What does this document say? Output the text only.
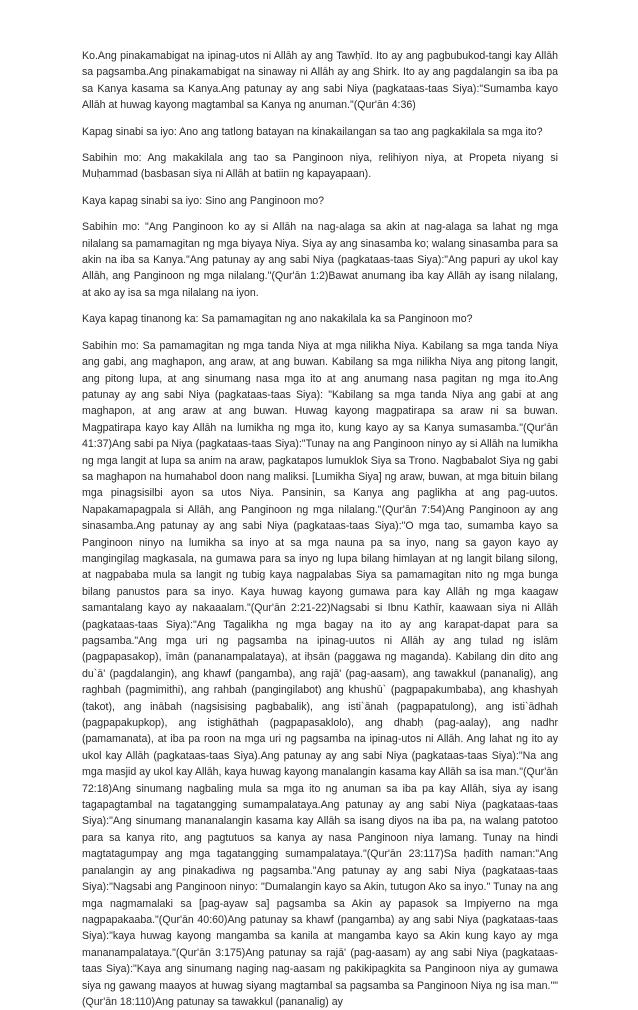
Ko.Ang pinakamabigat na ipinag-utos ni Allāh ay ang Tawḥīd. Ito ay ang pagbubukod-tangi kay Allāh sa pagsamba.Ang pinakamabigat na sinaway ni Allāh ay ang Shirk. Ito ay ang pagdalangin sa iba pa sa Kanya kasama sa Kanya.Ang patunay ay ang sabi Niya (pagkataas-taas Siya):"Sumamba kayo Allāh at huwag kayong magtambal sa Kanya ng anuman."(Qur'ān 4:36)

Kapag sinabi sa iyo: Ano ang tatlong batayan na kinakailangan sa tao ang pagkakilala sa mga ito?

Sabihin mo: Ang makakilala ang tao sa Panginoon niya, relihiyon niya, at Propeta niyang si Muḥammad (basbasan siya ni Allāh at batiin ng kapayapaan).

Kaya kapag sinabi sa iyo: Sino ang Panginoon mo?

Sabihin mo: "Ang Panginoon ko ay si Allāh na nag-alaga sa akin at nag-alaga sa lahat ng mga nilalang sa pamamagitan ng mga biyaya Niya. Siya ay ang sinasamba ko; walang sinasamba para sa akin na iba sa Kanya."Ang patunay ay ang sabi Niya (pagkataas-taas Siya):"Ang papuri ay ukol kay Allāh, ang Panginoon ng mga nilalang."(Qur'ān 1:2)Bawat anumang iba kay Allāh ay isang nilalang, at ako ay isa sa mga nilalang na iyon.

Kaya kapag tinanong ka: Sa pamamagitan ng ano nakakilala ka sa Panginoon mo?

Sabihin mo: Sa pamamagitan ng mga tanda Niya at mga nilikha Niya. Kabilang sa mga tanda Niya ang gabi, ang maghapon, ang araw, at ang buwan. Kabilang sa mga nilikha Niya ang pitong langit, ang pitong lupa, at ang sinumang nasa mga ito at ang anumang nasa pagitan ng mga ito.Ang patunay ay ang sabi Niya (pagkataas-taas Siya): "Kabilang sa mga tanda Niya ang gabi at ang maghapon, at ang araw at ang buwan. Huwag kayong magpatirapa sa araw ni sa buwan. Magpatirapa kayo kay Allāh na lumikha ng mga ito, kung kayo ay sa Kanya sumasamba."(Qur'ān 41:37)Ang sabi pa Niya (pagkataas-taas Siya):"Tunay na ang Panginoon ninyo ay si Allāh na lumikha ng mga langit at lupa sa anim na araw, pagkatapos lumuklok Siya sa Trono. Nagbabalot Siya ng gabi sa maghapon na humahabol doon nang maliksi. [Lumikha Siya] ng araw, buwan, at mga bituin bilang mga pinagsisilbi ayon sa utos Niya. Pansinin, sa Kanya ang paglikha at ang pag-uutos. Napakamapagpala si Allāh, ang Panginoon ng mga nilalang."(Qur'ān 7:54)Ang Panginoon ay ang sinasamba.Ang patunay ay ang sabi Niya (pagkataas-taas Siya):"O mga tao, sumamba kayo sa Panginoon ninyo na lumikha sa inyo at sa mga nauna pa sa inyo, nang sa gayon kayo ay mangingilag magkasala, na gumawa para sa inyo ng lupa bilang himlayan at ng langit bilang silong, at nagpababa mula sa langit ng tubig kaya nagpalabas Siya sa pamamagitan nito ng mga bunga bilang panustos para sa inyo. Kaya huwag kayong gumawa para kay Allāh ng mga kaagaw samantalang kayo ay nakaaalam."(Qur'ān 2:21-22)Nagsabi si Ibnu Kathīr, kaawaan siya ni Allāh (pagkataas-taas Siya):"Ang Tagalikha ng mga bagay na ito ay ang karapat-dapat para sa pagsamba."Ang mga uri ng pagsamba na ipinag-uutos ni Allāh ay ang tulad ng islām (pagpapasakop), īmān (pananampalataya), at iḥsān (paggawa ng maganda). Kabilang din dito ang du`ā' (pagdalangin), ang khawf (pangamba), ang rajā' (pag-aasam), ang tawakkul (pananalig), ang raghbah (pagmimithi), ang rahbah (pangingilabot) ang khushū` (pagpapakumbaba), ang khashyah (takot), ang inābah (nagsisising pagbabalik), ang isti`ānah (pagpapatulong), ang isti`ādhah (pagpapakupkop), ang istighāthah (pagpapasaklolo), ang dhabḥ (pag-aalay), ang nadhr (pamamanata), at iba pa roon na mga uri ng pagsamba na ipinag-utos ni Allāh. Ang lahat ng ito ay ukol kay Allāh (pagkataas-taas Siya).Ang patunay ay ang sabi Niya (pagkataas-taas Siya):"Na ang mga masjid ay ukol kay Allāh, kaya huwag kayong manalangin kasama kay Allāh sa isa man."(Qur'ān 72:18)Ang sinumang nagbaling mula sa mga ito ng anuman sa iba pa kay Allāh, siya ay isang tagapagtambal na tagatangging sumampalataya.Ang patunay ay ang sabi Niya (pagkataas-taas Siya):"Ang sinumang mananalangin kasama kay Allāh sa isang diyos na iba pa, na walang patotoo para sa kanya rito, ang pagtutuos sa kanya ay nasa Panginoon niya lamang. Tunay na hindi magtatagumpay ang mga tagatangging sumampalataya."(Qur'ān 23:117)Sa ḥadīth naman:"Ang panalangin ay ang pinakadiwa ng pagsamba."Ang patunay ay ang sabi Niya (pagkataas-taas Siya):"Nagsabi ang Panginoon ninyo: "Dumalangin kayo sa Akin, tutugon Ako sa inyo." Tunay na ang mga nagmamalaki sa [pag-ayaw sa] pagsamba sa Akin ay papasok sa Impiyerno na mga nagpapakaaba."(Qur'ān 40:60)Ang patunay sa khawf (pangamba) ay ang sabi Niya (pagkataas-taas Siya):"kaya huwag kayong mangamba sa kanila at mangamba kayo sa Akin kung kayo ay mga mananampalataya."(Qur'ān 3:175)Ang patunay sa rajā' (pag-aasam) ay ang sabi Niya (pagkataas-taas Siya):"Kaya ang sinumang naging nag-aasam ng pakikipagkita sa Panginoon niya ay gumawa siya ng gawang maayos at huwag siyang magtambal sa pagsamba sa Panginoon Niya ng isa man.""(Qur'ān 18:110)Ang patunay sa tawakkul (pananalig) ay
